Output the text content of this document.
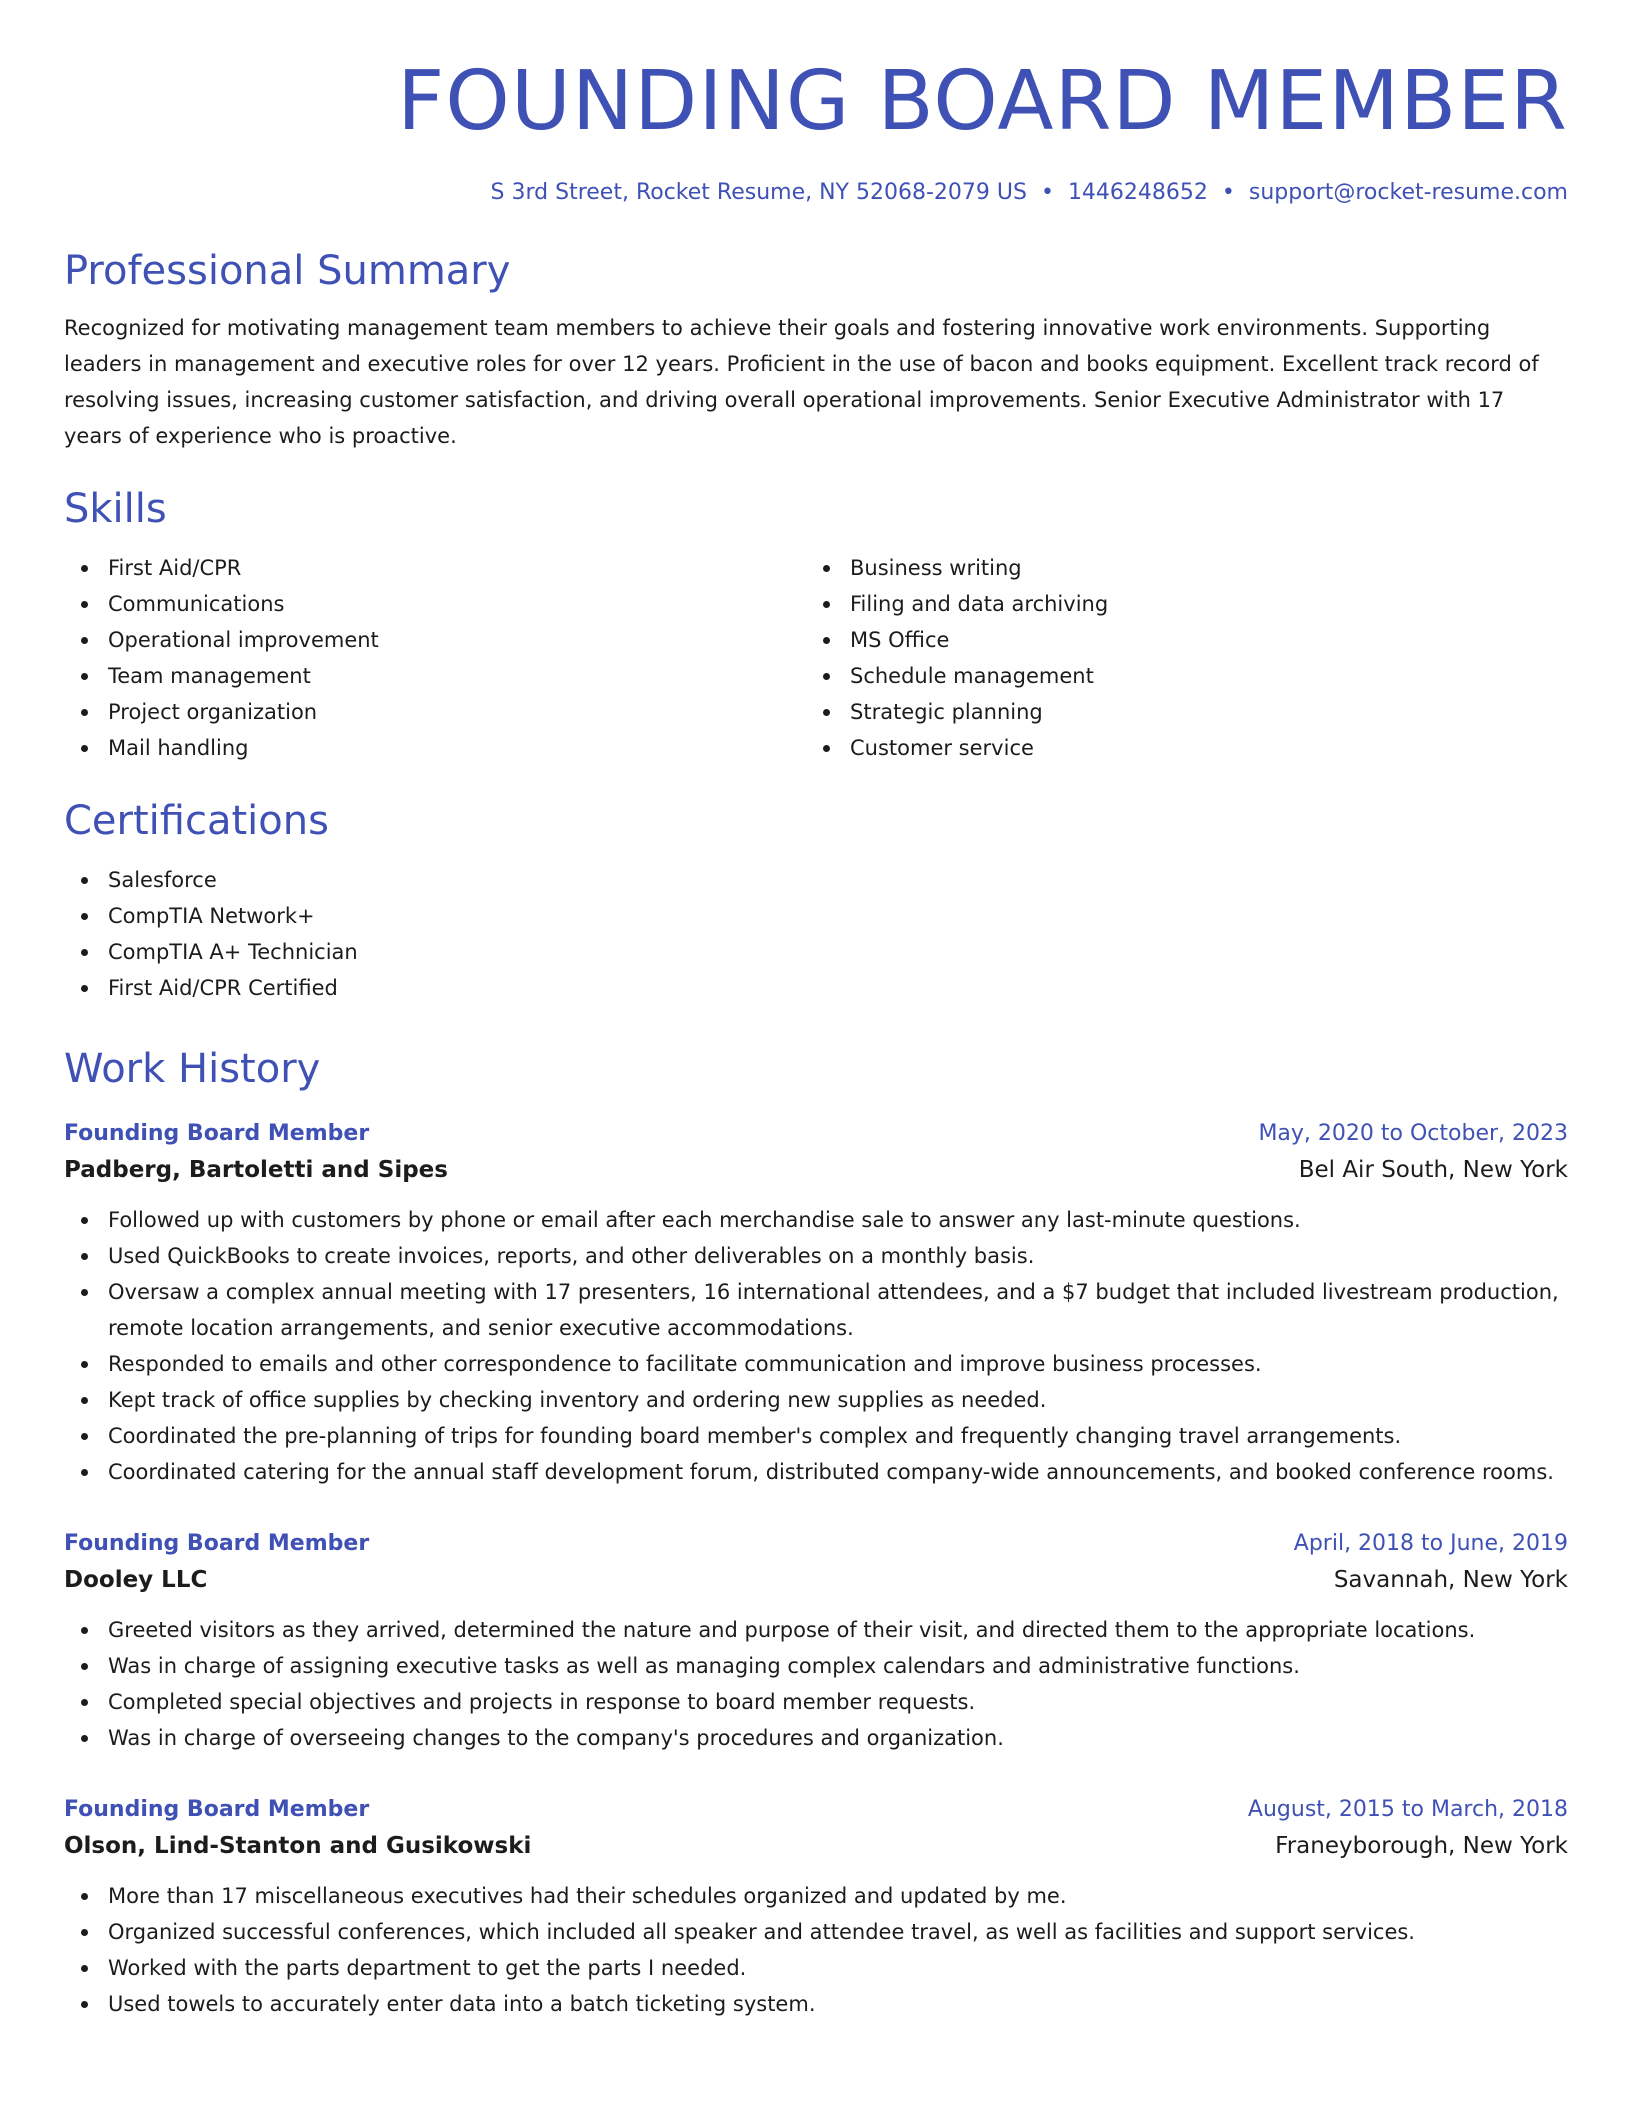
FOUNDING BOARD MEMBER
S 3rd Street, Rocket Resume, NY 52068-2079 US • 1446248652 • support@rocket-resume.com
Professional Summary

Recognized for motivating management team members to achieve their goals and fostering innovative work environments. Supporting leaders in management and executive roles for over 12 years. Proficient in the use of bacon and books equipment. Excellent track record of resolving issues, increasing customer satisfaction, and driving overall operational improvements. Senior Executive Administrator with 17 years of experience who is proactive.

Skills
First Aid/CPR
Communications
Operational improvement
Team management
Project organization
Mail handling
Business writing
Filing and data archiving
MS Office
Schedule management
Strategic planning
Customer service
Certifications
Salesforce
CompTIA Network+
CompTIA A+ Technician
First Aid/CPR Certified
Work History
Founding Board Member	May, 2020 to October, 2023
Padberg, Bartoletti and Sipes	Bel Air South, New York
Followed up with customers by phone or email after each merchandise sale to answer any last-minute questions.
Used QuickBooks to create invoices, reports, and other deliverables on a monthly basis.
Oversaw a complex annual meeting with 17 presenters, 16 international attendees, and a $7 budget that included livestream production, remote location arrangements, and senior executive accommodations.
Responded to emails and other correspondence to facilitate communication and improve business processes.
Kept track of office supplies by checking inventory and ordering new supplies as needed.
Coordinated the pre-planning of trips for founding board member's complex and frequently changing travel arrangements.
Coordinated catering for the annual staff development forum, distributed company-wide announcements, and booked conference rooms.
Founding Board Member	April, 2018 to June, 2019
Dooley LLC	Savannah, New York
Greeted visitors as they arrived, determined the nature and purpose of their visit, and directed them to the appropriate locations.
Was in charge of assigning executive tasks as well as managing complex calendars and administrative functions.
Completed special objectives and projects in response to board member requests.
Was in charge of overseeing changes to the company's procedures and organization.
Founding Board Member	August, 2015 to March, 2018
Olson, Lind-Stanton and Gusikowski	Franeyborough, New York
More than 17 miscellaneous executives had their schedules organized and updated by me.
Organized successful conferences, which included all speaker and attendee travel, as well as facilities and support services.
Worked with the parts department to get the parts I needed.
Used towels to accurately enter data into a batch ticketing system.
